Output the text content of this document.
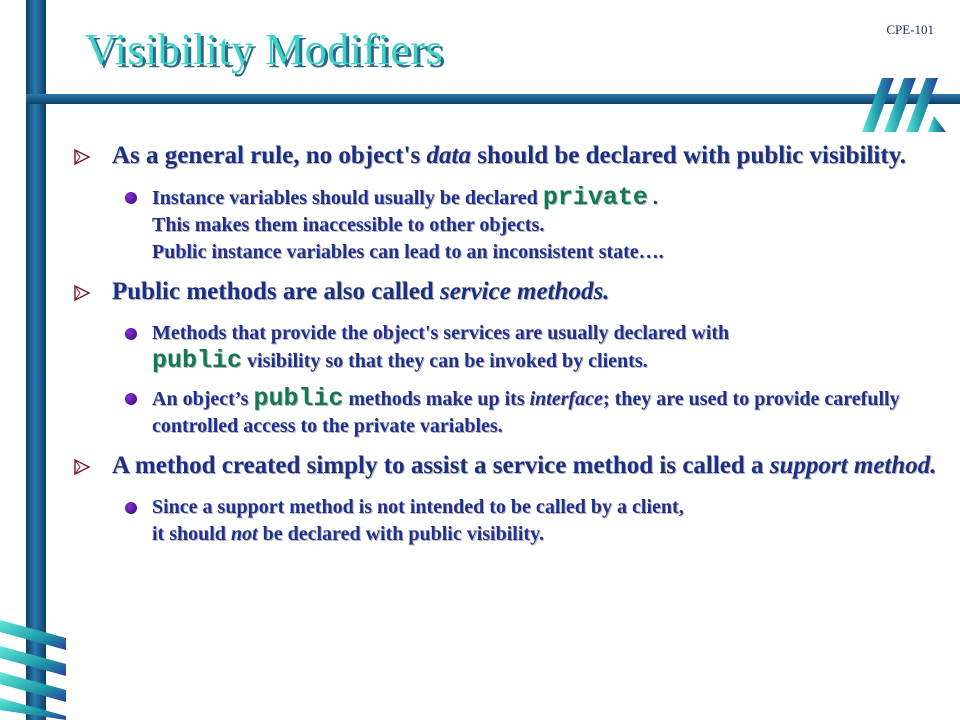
Visibility Modifiers	CPE-101
As a general rule, no object's data should be declared with public visibility.
Instance variables should usually be declared private .
This makes them inaccessible to other objects.
Public instance variables can lead to an inconsistent state….
Public methods are also called service methods.
Methods that provide the object's services are usually declared with
public visibility so that they can be invoked by clients.
An object’s public methods make up its interface; they are used to provide carefully controlled access to the private variables.
A method created simply to assist a service method is called a support method.
Since a support method is not intended to be called by a client,
it should not be declared with public visibility.
